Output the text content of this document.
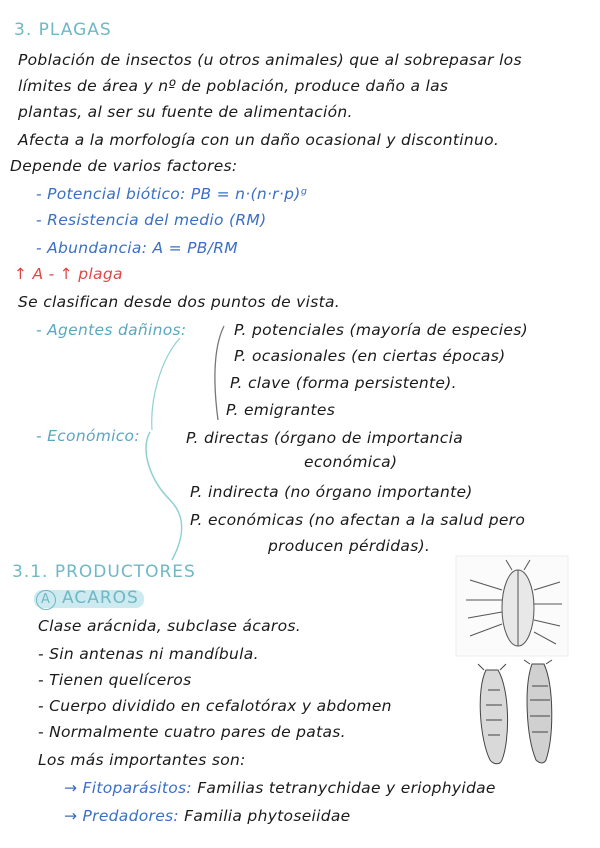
3. PLAGAS
Población de insectos (u otros animales) que al sobrepasar los
límites de área y nº de población, produce daño a las
plantas, al ser su fuente de alimentación.
Afecta a la morfología con un daño ocasional y discontinuo.
Depende de varios factores:
- Potencial biótico: PB = n·(n·r·p)ᵍ
- Resistencia del medio (RM)
- Abundancia: A = PB/RM
↑ A - ↑ plaga
Se clasifican desde dos puntos de vista.
- Agentes dañinos:	P. potenciales (mayoría de especies)
P. ocasionales (en ciertas épocas)
P. clave (forma persistente).
P. emigrantes
- Económico:	P. directas (órgano de importancia
económica)
P. indirecta (no órgano importante)
P. económicas (no afectan a la salud pero
producen pérdidas).
3.1. PRODUCTORES
A ACAROS
Clase arácnida, subclase ácaros.
- Sin antenas ni mandíbula.
- Tienen quelíceros
- Cuerpo dividido en cefalotórax y abdomen
- Normalmente cuatro pares de patas.
Los más importantes son:
→ Fitoparásitos: Familias tetranychidae y eriophyidae
→ Predadores: Familia phytoseiidae
